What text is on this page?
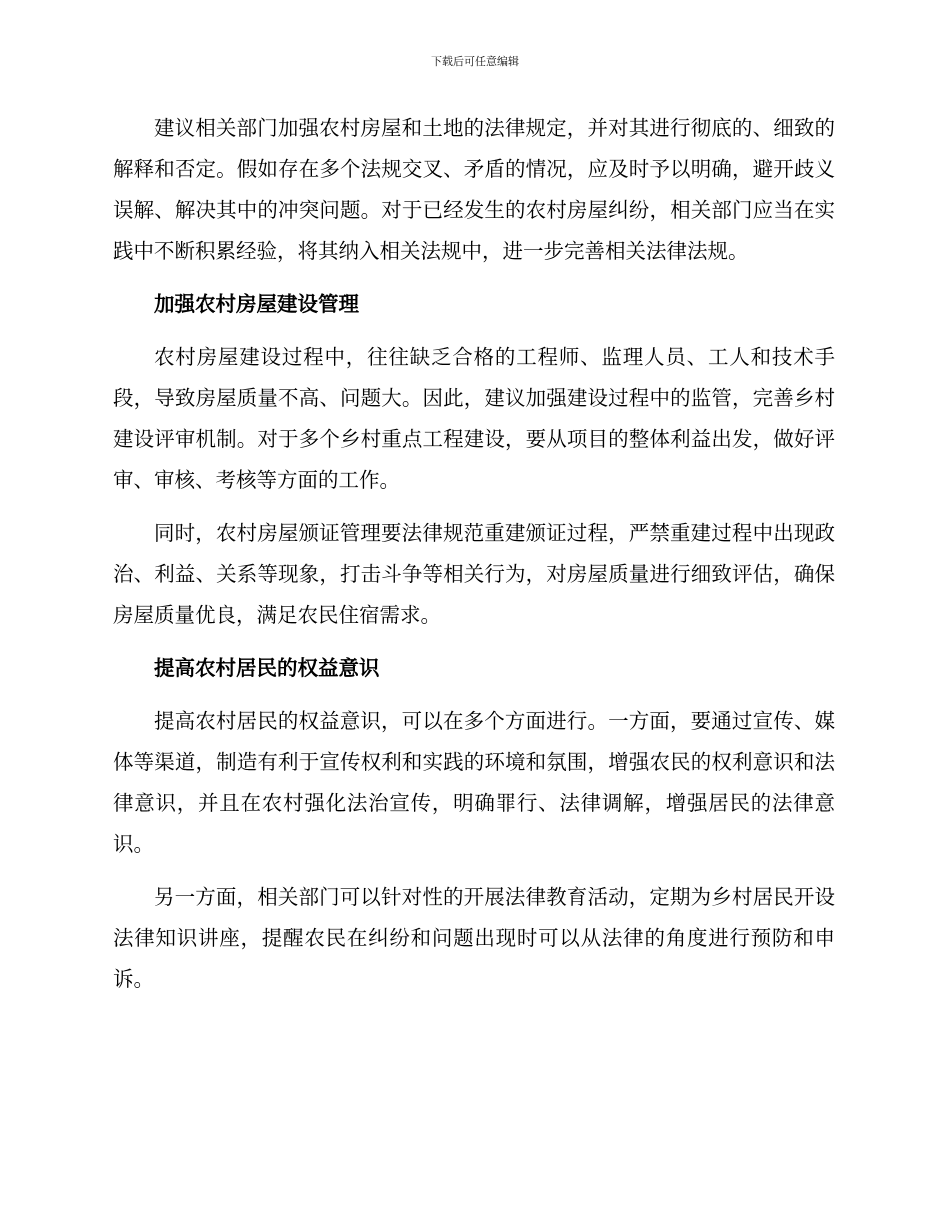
下载后可任意编辑

建议相关部门加强农村房屋和土地的法律规定，并对其进行彻底的、细致的解释和否定。假如存在多个法规交叉、矛盾的情况，应及时予以明确，避开歧义误解、解决其中的冲突问题。对于已经发生的农村房屋纠纷，相关部门应当在实践中不断积累经验，将其纳入相关法规中，进一步完善相关法律法规。

加强农村房屋建设管理

农村房屋建设过程中，往往缺乏合格的工程师、监理人员、工人和技术手段，导致房屋质量不高、问题大。因此，建议加强建设过程中的监管，完善乡村建设评审机制。对于多个乡村重点工程建设，要从项目的整体利益出发，做好评审、审核、考核等方面的工作。

同时，农村房屋颁证管理要法律规范重建颁证过程，严禁重建过程中出现政治、利益、关系等现象，打击斗争等相关行为，对房屋质量进行细致评估，确保房屋质量优良，满足农民住宿需求。

提高农村居民的权益意识

提高农村居民的权益意识，可以在多个方面进行。一方面，要通过宣传、媒体等渠道，制造有利于宣传权利和实践的环境和氛围，增强农民的权利意识和法律意识，并且在农村强化法治宣传，明确罪行、法律调解，增强居民的法律意识。

另一方面，相关部门可以针对性的开展法律教育活动，定期为乡村居民开设法律知识讲座，提醒农民在纠纷和问题出现时可以从法律的角度进行预防和申诉。
